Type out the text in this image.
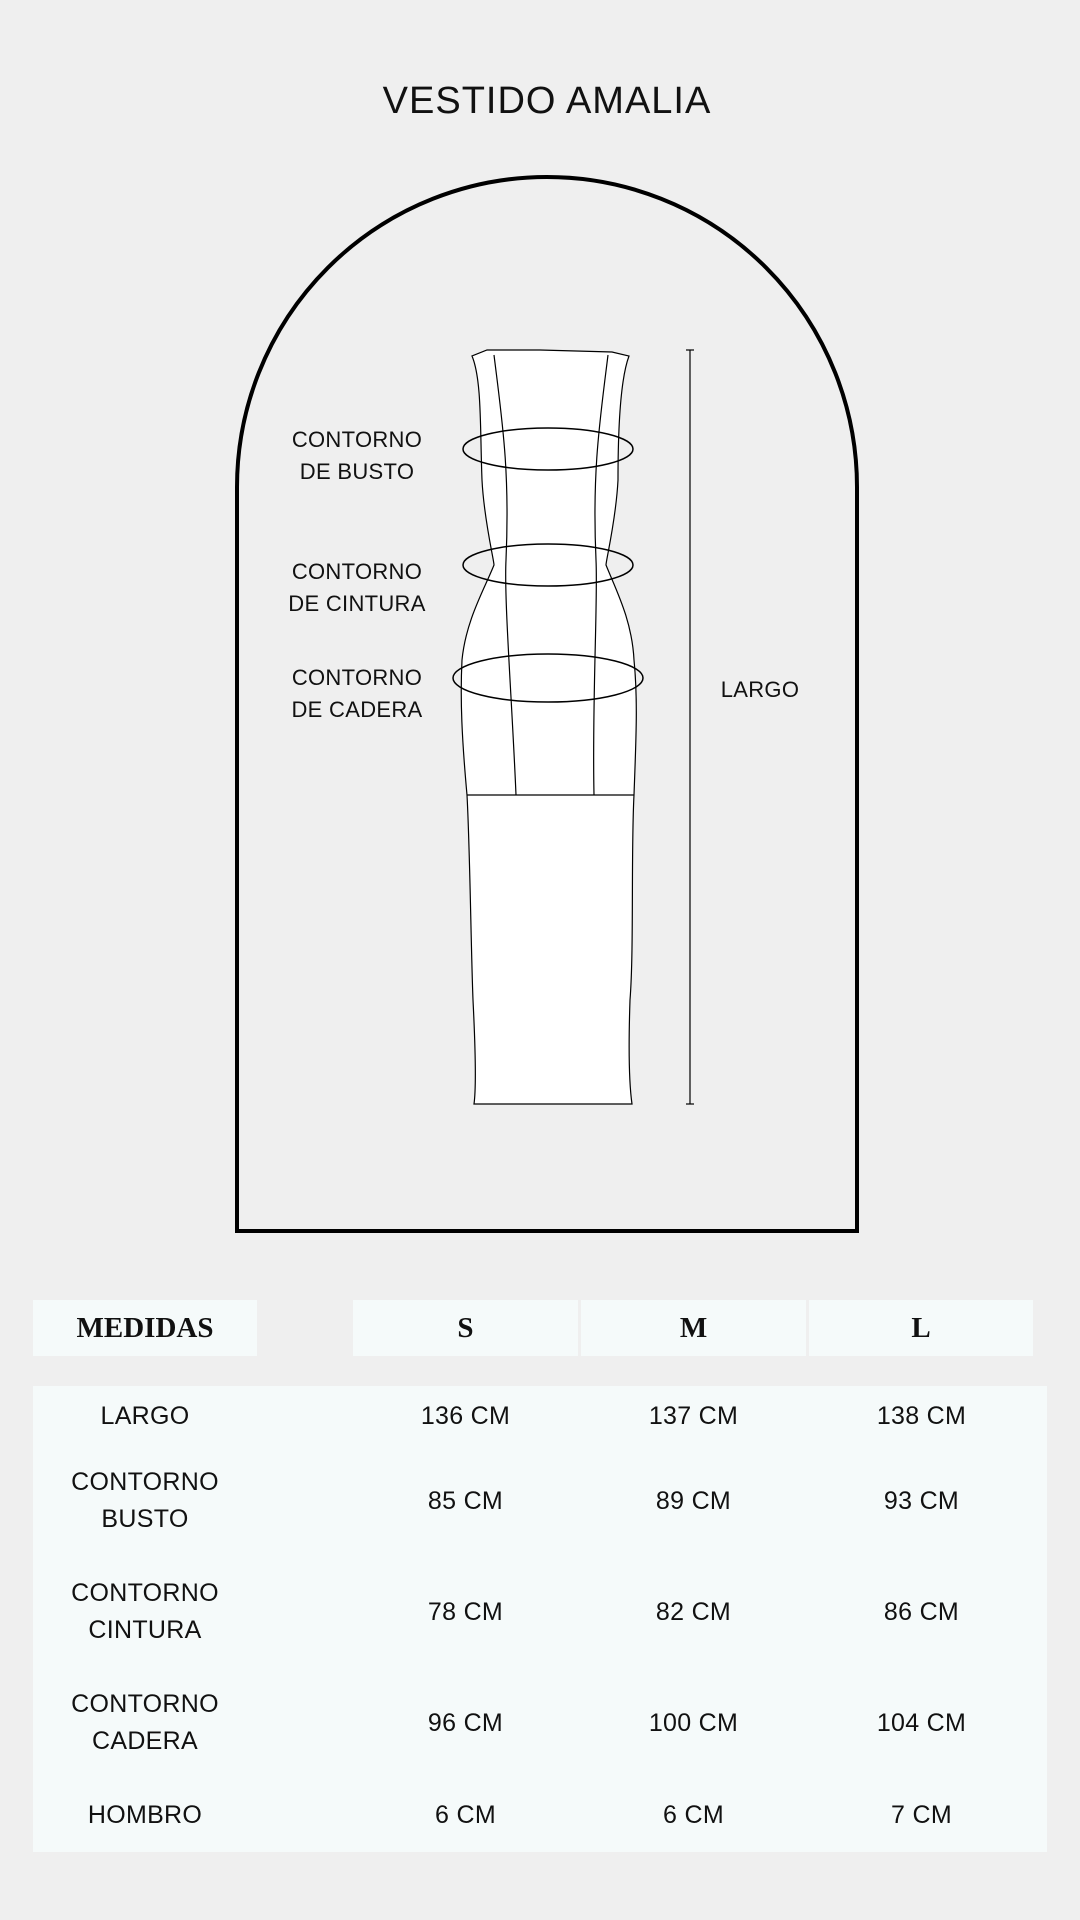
VESTIDO AMALIA
CONTORNO
DE BUSTO
CONTORNO
DE CINTURA
CONTORNO
DE CADERA
LARGO
MEDIDAS	S	M	L
LARGO	136 CM	137 CM	138 CM
CONTORNO
BUSTO
85 CM	89 CM	93 CM
CONTORNO
CINTURA
78 CM	82 CM	86 CM
CONTORNO
CADERA
96 CM	100 CM	104 CM
HOMBRO	6 CM	6 CM	7 CM
